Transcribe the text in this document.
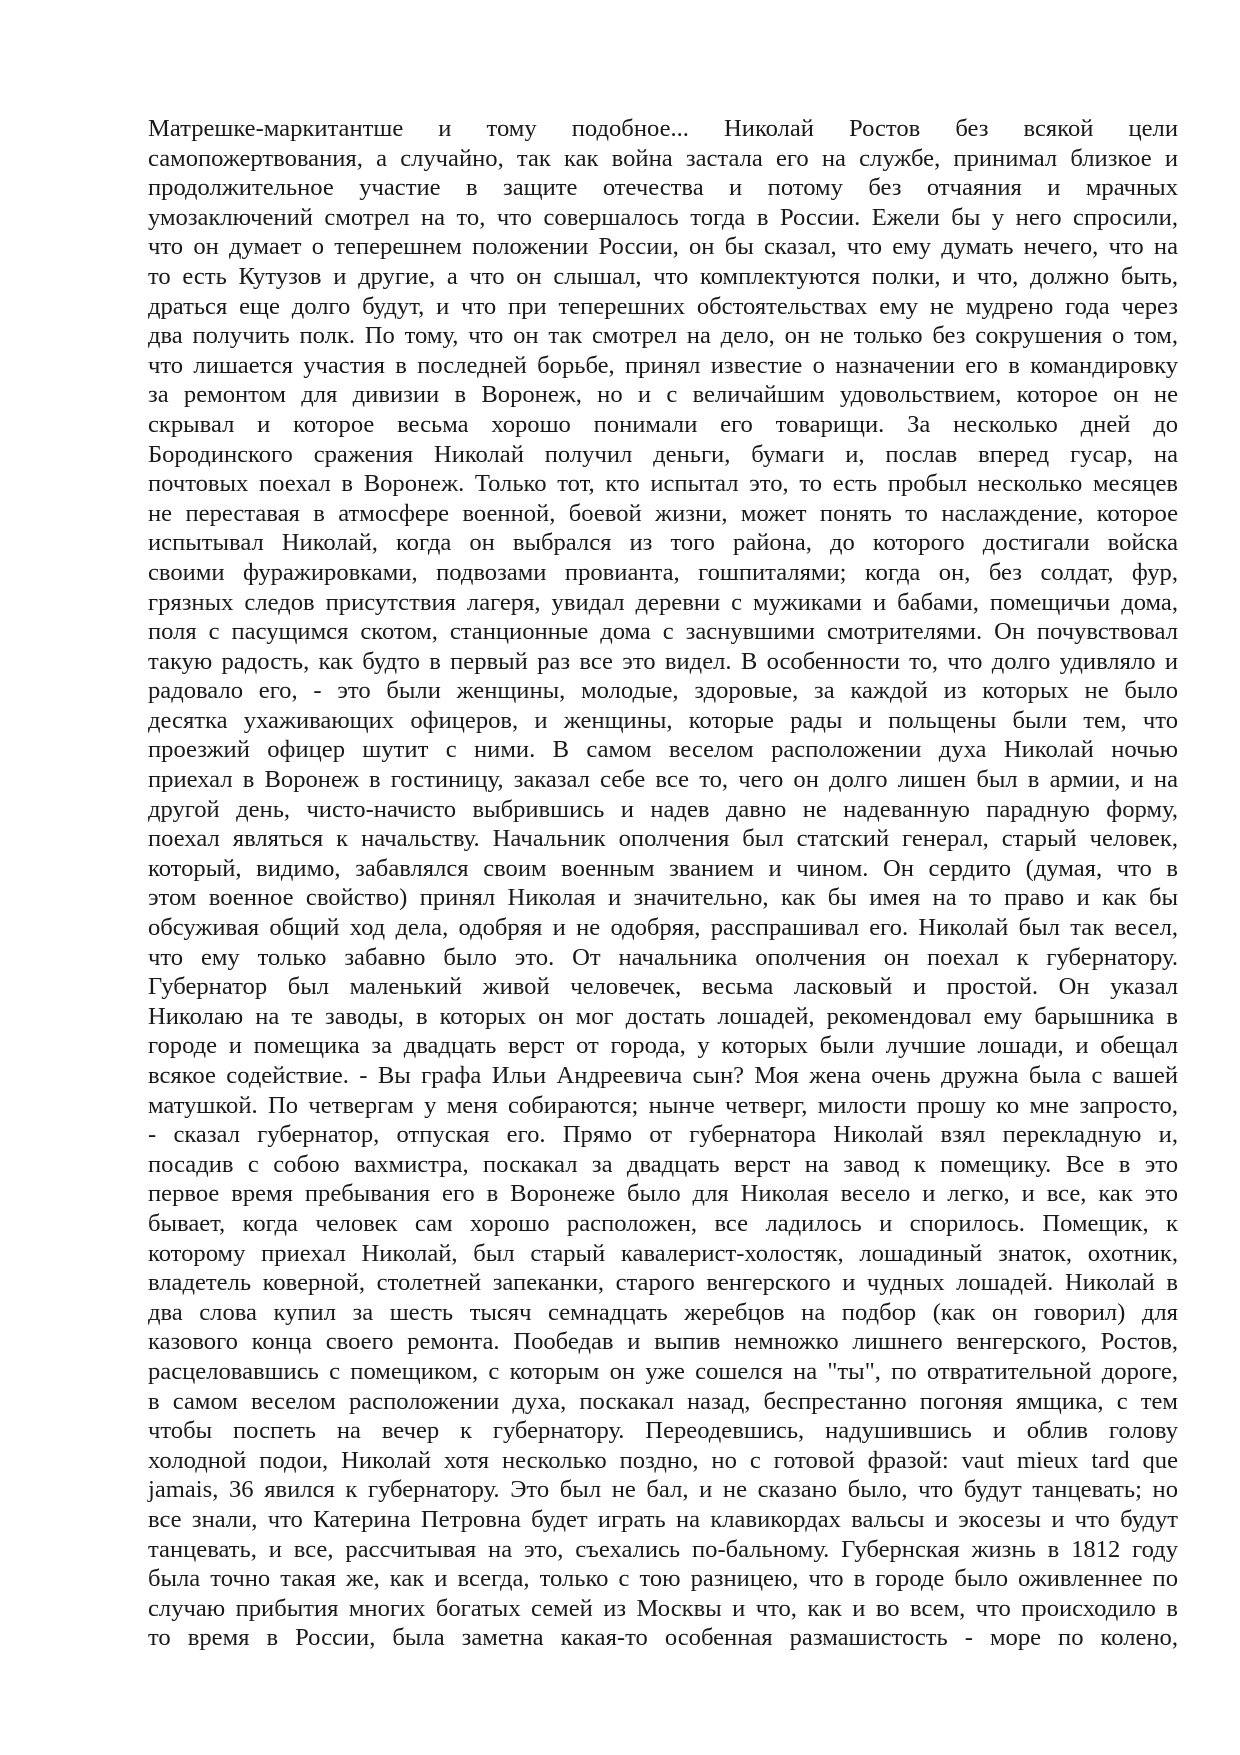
Матрешке-маркитантше и тому подобное... Николай Ростов без всякой цели
самопожертвования, а случайно, так как война застала его на службе, принимал близкое и
продолжительное участие в защите отечества и потому без отчаяния и мрачных
умозаключений смотрел на то, что совершалось тогда в России. Ежели бы у него спросили,
что он думает о теперешнем положении России, он бы сказал, что ему думать нечего, что на
то есть Кутузов и другие, а что он слышал, что комплектуются полки, и что, должно быть,
драться еще долго будут, и что при теперешних обстоятельствах ему не мудрено года через
два получить полк. По тому, что он так смотрел на дело, он не только без сокрушения о том,
что лишается участия в последней борьбе, принял известие о назначении его в командировку
за ремонтом для дивизии в Воронеж, но и с величайшим удовольствием, которое он не
скрывал и которое весьма хорошо понимали его товарищи. За несколько дней до
Бородинского сражения Николай получил деньги, бумаги и, послав вперед гусар, на
почтовых поехал в Воронеж. Только тот, кто испытал это, то есть пробыл несколько месяцев
не переставая в атмосфере военной, боевой жизни, может понять то наслаждение, которое
испытывал Николай, когда он выбрался из того района, до которого достигали войска
своими фуражировками, подвозами провианта, гошпиталями; когда он, без солдат, фур,
грязных следов присутствия лагеря, увидал деревни с мужиками и бабами, помещичьи дома,
поля с пасущимся скотом, станционные дома с заснувшими смотрителями. Он почувствовал
такую радость, как будто в первый раз все это видел. В особенности то, что долго удивляло и
радовало его, - это были женщины, молодые, здоровые, за каждой из которых не было
десятка ухаживающих офицеров, и женщины, которые рады и польщены были тем, что
проезжий офицер шутит с ними. В самом веселом расположении духа Николай ночью
приехал в Воронеж в гостиницу, заказал себе все то, чего он долго лишен был в армии, и на
другой день, чисто-начисто выбрившись и надев давно не надеванную парадную форму,
поехал являться к начальству. Начальник ополчения был статский генерал, старый человек,
который, видимо, забавлялся своим военным званием и чином. Он сердито (думая, что в
этом военное свойство) принял Николая и значительно, как бы имея на то право и как бы
обсуживая общий ход дела, одобряя и не одобряя, расспрашивал его. Николай был так весел,
что ему только забавно было это. От начальника ополчения он поехал к губернатору.
Губернатор был маленький живой человечек, весьма ласковый и простой. Он указал
Николаю на те заводы, в которых он мог достать лошадей, рекомендовал ему барышника в
городе и помещика за двадцать верст от города, у которых были лучшие лошади, и обещал
всякое содействие. - Вы графа Ильи Андреевича сын? Моя жена очень дружна была с вашей
матушкой. По четвергам у меня собираются; нынче четверг, милости прошу ко мне запросто,
- сказал губернатор, отпуская его. Прямо от губернатора Николай взял перекладную и,
посадив с собою вахмистра, поскакал за двадцать верст на завод к помещику. Все в это
первое время пребывания его в Воронеже было для Николая весело и легко, и все, как это
бывает, когда человек сам хорошо расположен, все ладилось и спорилось. Помещик, к
которому приехал Николай, был старый кавалерист-холостяк, лошадиный знаток, охотник,
владетель коверной, столетней запеканки, старого венгерского и чудных лошадей. Николай в
два слова купил за шесть тысяч семнадцать жеребцов на подбор (как он говорил) для
казового конца своего ремонта. Пообедав и выпив немножко лишнего венгерского, Ростов,
расцеловавшись с помещиком, с которым он уже сошелся на "ты", по отвратительной дороге,
в самом веселом расположении духа, поскакал назад, беспрестанно погоняя ямщика, с тем
чтобы поспеть на вечер к губернатору. Переодевшись, надушившись и облив голову
холодной подои, Николай хотя несколько поздно, но с готовой фразой: vaut mieux tard que
jamais, 36 явился к губернатору. Это был не бал, и не сказано было, что будут танцевать; но
все знали, что Катерина Петровна будет играть на клавикордах вальсы и экосезы и что будут
танцевать, и все, рассчитывая на это, съехались по-бальному. Губернская жизнь в 1812 году
была точно такая же, как и всегда, только с тою разницею, что в городе было оживленнее по
случаю прибытия многих богатых семей из Москвы и что, как и во всем, что происходило в
то время в России, была заметна какая-то особенная размашистость - море по колено,
